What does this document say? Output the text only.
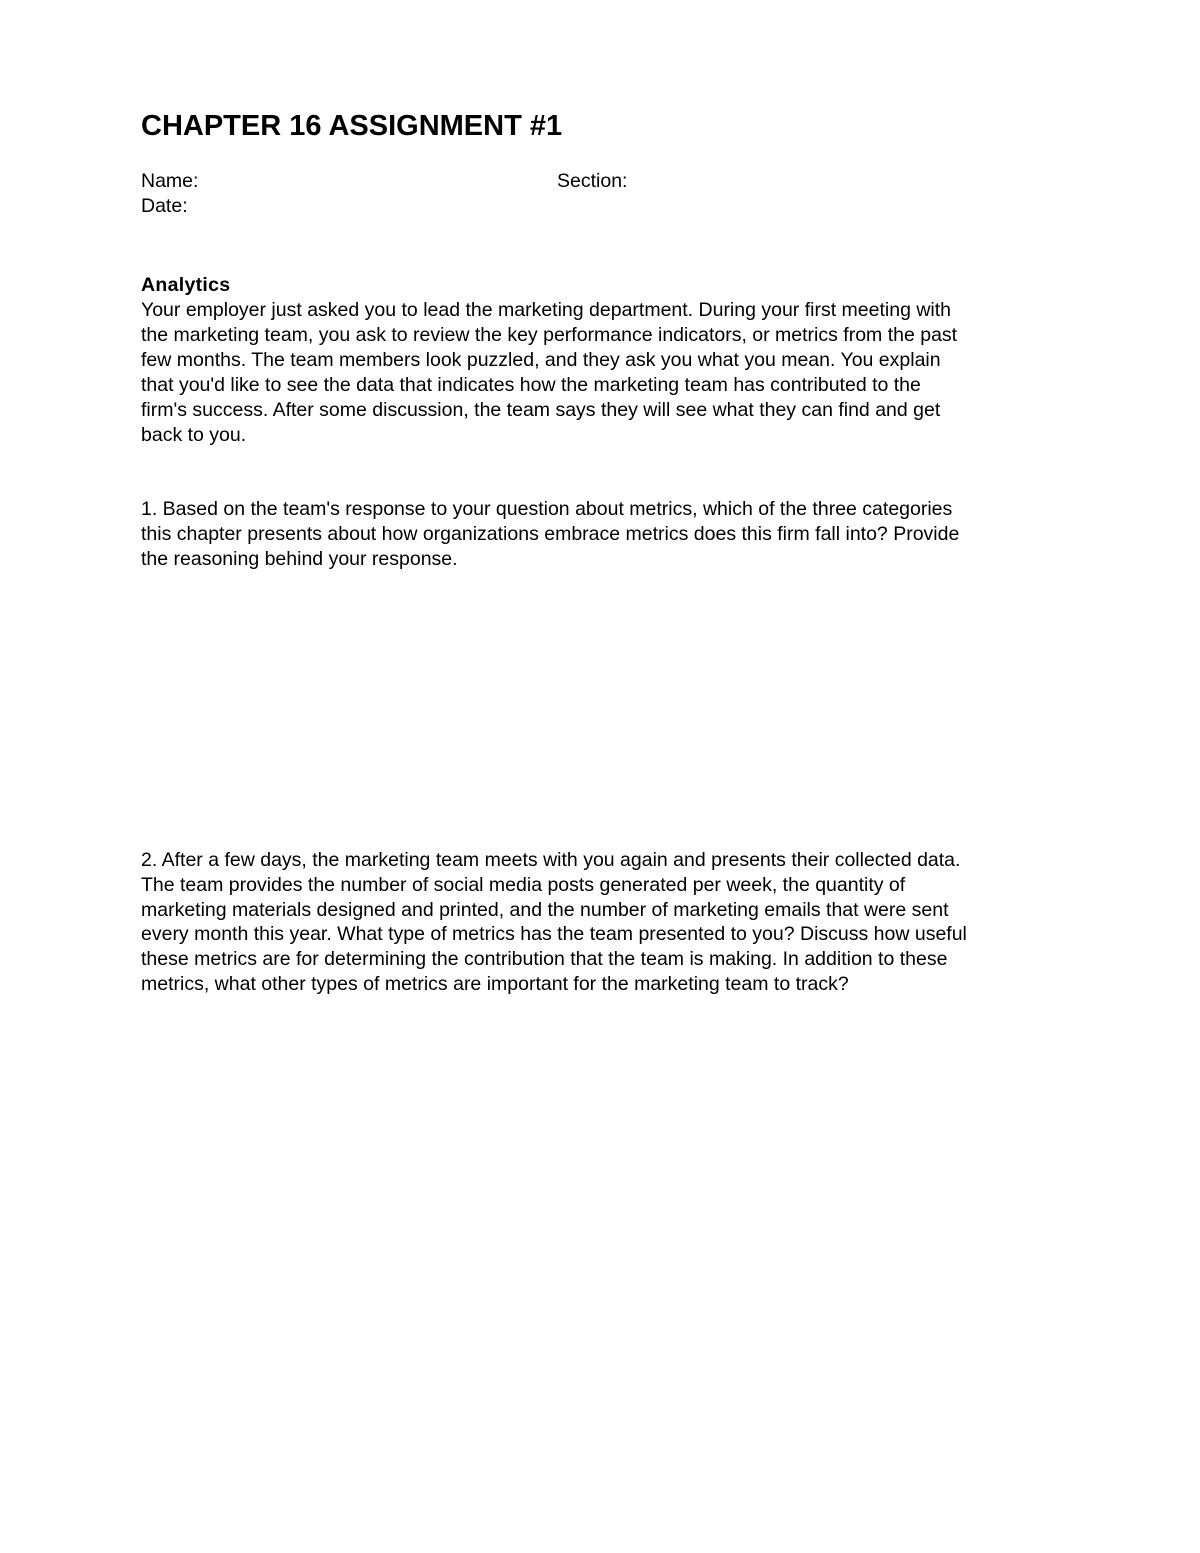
CHAPTER 16 ASSIGNMENT #1

Name:	Section:

Date:

Analytics

Your employer just asked you to lead the marketing department. During your first meeting with

the marketing team, you ask to review the key performance indicators, or metrics from the past

few months. The team members look puzzled, and they ask you what you mean. You explain

that you'd like to see the data that indicates how the marketing team has contributed to the

firm's success. After some discussion, the team says they will see what they can find and get

back to you.

1. Based on the team's response to your question about metrics, which of the three categories

this chapter presents about how organizations embrace metrics does this firm fall into? Provide

the reasoning behind your response.

2. After a few days, the marketing team meets with you again and presents their collected data.

The team provides the number of social media posts generated per week, the quantity of

marketing materials designed and printed, and the number of marketing emails that were sent

every month this year. What type of metrics has the team presented to you? Discuss how useful

these metrics are for determining the contribution that the team is making. In addition to these

metrics, what other types of metrics are important for the marketing team to track?
